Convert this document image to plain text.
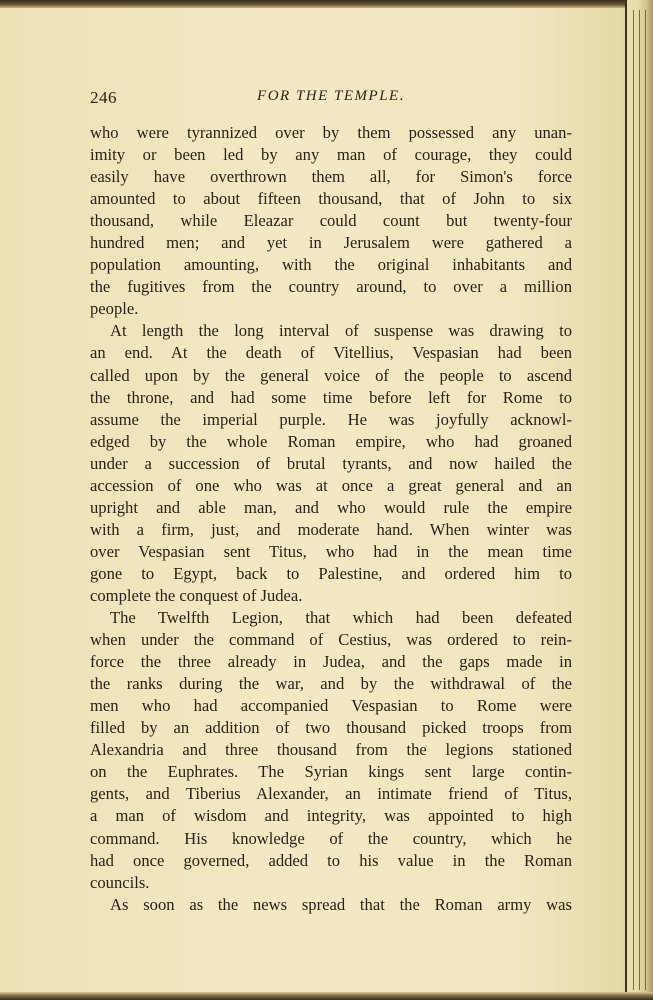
246	FOR THE TEMPLE.

who were tyrannized over by them possessed any unan-
imity or been led by any man of courage, they could
easily have overthrown them all, for Simon's force
amounted to about fifteen thousand, that of John to six
thousand, while Eleazar could count but twenty-four
hundred men; and yet in Jerusalem were gathered a
population amounting, with the original inhabitants and
the fugitives from the country around, to over a million
people.

At length the long interval of suspense was drawing to
an end. At the death of Vitellius, Vespasian had been
called upon by the general voice of the people to ascend
the throne, and had some time before left for Rome to
assume the imperial purple. He was joyfully acknowl-
edged by the whole Roman empire, who had groaned
under a succession of brutal tyrants, and now hailed the
accession of one who was at once a great general and an
upright and able man, and who would rule the empire
with a firm, just, and moderate hand. When winter was
over Vespasian sent Titus, who had in the mean time
gone to Egypt, back to Palestine, and ordered him to
complete the conquest of Judea.

The Twelfth Legion, that which had been defeated
when under the command of Cestius, was ordered to rein-
force the three already in Judea, and the gaps made in
the ranks during the war, and by the withdrawal of the
men who had accompanied Vespasian to Rome were
filled by an addition of two thousand picked troops from
Alexandria and three thousand from the legions stationed
on the Euphrates. The Syrian kings sent large contin-
gents, and Tiberius Alexander, an intimate friend of Titus,
a man of wisdom and integrity, was appointed to high
command. His knowledge of the country, which he
had once governed, added to his value in the Roman
councils.

As soon as the news spread that the Roman army was
